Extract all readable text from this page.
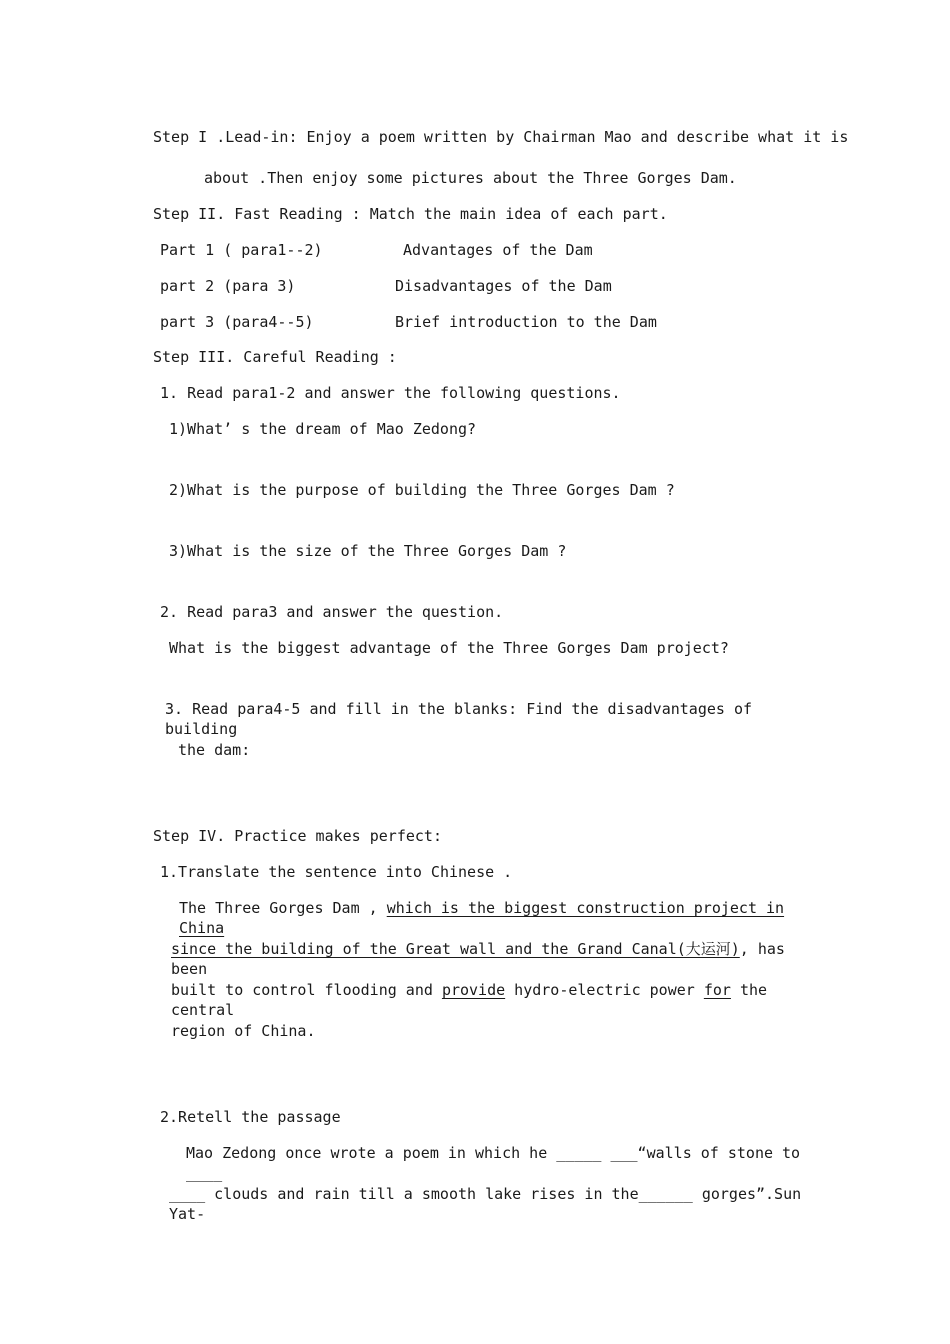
Step I .Lead-in: Enjoy a poem written by Chairman Mao and describe what it is
about .Then enjoy some pictures about the Three Gorges Dam.
Step II. Fast Reading : Match the main idea of each part.
Part 1 ( para1--2)	Advantages of the Dam
part 2 (para 3)	Disadvantages of the Dam
part 3 (para4--5)	Brief introduction to the Dam
Step III. Careful Reading :
1. Read para1-2 and answer the following questions.
1)What’ s the dream of Mao Zedong?
2)What is the purpose of building the Three Gorges Dam ?
3)What is the size of the Three Gorges Dam ?
2. Read para3 and answer the question.
What is the biggest advantage of the Three Gorges Dam project?
3. Read para4-5 and fill in the blanks: Find the disadvantages of building
the dam:
Step IV. Practice makes perfect:
1.Translate the sentence into Chinese .
The Three Gorges Dam , which is the biggest construction project in China
since the building of the Great wall and the Grand Canal(大运河), has been
built to control flooding and provide hydro-electric power for the central
region of China.
2.Retell the passage
Mao Zedong once wrote a poem in which he _____ ___“walls of stone to ____
____ clouds and rain till a smooth lake rises in the______ gorges”.Sun Yat-
